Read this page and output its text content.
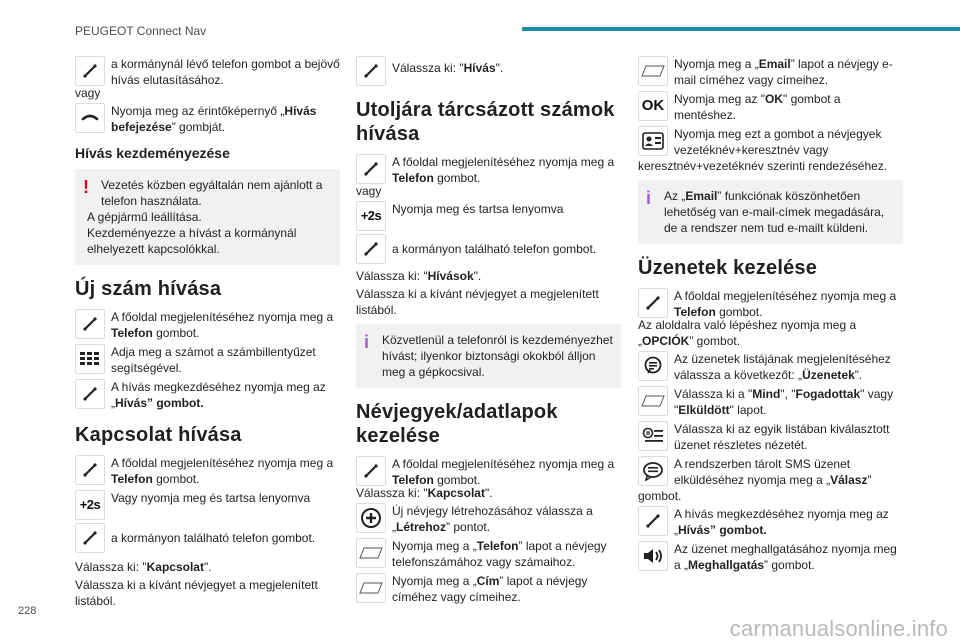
PEUGEOT Connect Nav
a kormánynál lévő telefon gombot a bejövő hívás elutasításához.
vagy
Nyomja meg az érintőképernyő „Hívás befejezése” gombját.
Hívás kezdeményezése
!	Vezetés közben egyáltalán nem ajánlott a telefon használata.
A gépjármű leállítása.
Kezdeményezze a hívást a kormánynál elhelyezett kapcsolókkal.
Új szám hívása
A főoldal megjelenítéséhez nyomja meg a Telefon gombot.
Adja meg a számot a számbillentyűzet segítségével.
A hívás megkezdéséhez nyomja meg az „Hívás” gombot.
Kapcsolat hívása
A főoldal megjelenítéséhez nyomja meg a Telefon gombot.
+2s Vagy nyomja meg és tartsa lenyomva
a kormányon található telefon gombot.
Válassza ki: "Kapcsolat".
Válassza ki a kívánt névjegyet a megjelenített listából.
Válassza ki: "Hívás".
Utoljára tárcsázott számok hívása
A főoldal megjelenítéséhez nyomja meg a Telefon gombot.
vagy
+2s Nyomja meg és tartsa lenyomva
a kormányon található telefon gombot.
Válassza ki: "Hívások".
Válassza ki a kívánt névjegyet a megjelenített listából.
i	Közvetlenül a telefonról is kezdeményezhet hívást; ilyenkor biztonsági okokból álljon meg a gépkocsival.
Névjegyek/adatlapok kezelése
A főoldal megjelenítéséhez nyomja meg a Telefon gombot.
Válassza ki: "Kapcsolat".
Új névjegy létrehozásához válassza a „Létrehoz” pontot.
Nyomja meg a „Telefon” lapot a névjegy telefonszámához vagy számaihoz.
Nyomja meg a „Cím” lapot a névjegy címéhez vagy címeihez.
Nyomja meg a „Email” lapot a névjegy e-mail címéhez vagy címeihez.
OK Nyomja meg az "OK" gombot a mentéshez.
Nyomja meg ezt a gombot a névjegyek vezetéknév+keresztnév vagy
keresztnév+vezetéknév szerinti rendezéséhez.
i	Az „Email” funkciónak köszönhetően lehetőség van e-mail-címek megadására, de a rendszer nem tud e-mailt küldeni.
Üzenetek kezelése
A főoldal megjelenítéséhez nyomja meg a Telefon gombot.
Az aloldalra való lépéshez nyomja meg a „OPCIÓK” gombot.
Az üzenetek listájának megjelenítéséhez válassza a következőt: „Üzenetek”.
Válassza ki a "Mind", "Fogadottak" vagy "Elküldött" lapot.
Válassza ki az egyik listában kiválasztott üzenet részletes nézetét.
A rendszerben tárolt SMS üzenet elküldéséhez nyomja meg a „Válasz”
gombot.
A hívás megkezdéséhez nyomja meg az „Hívás” gombot.
Az üzenet meghallgatásához nyomja meg a „Meghallgatás” gombot.
228
carmanualsonline.info
